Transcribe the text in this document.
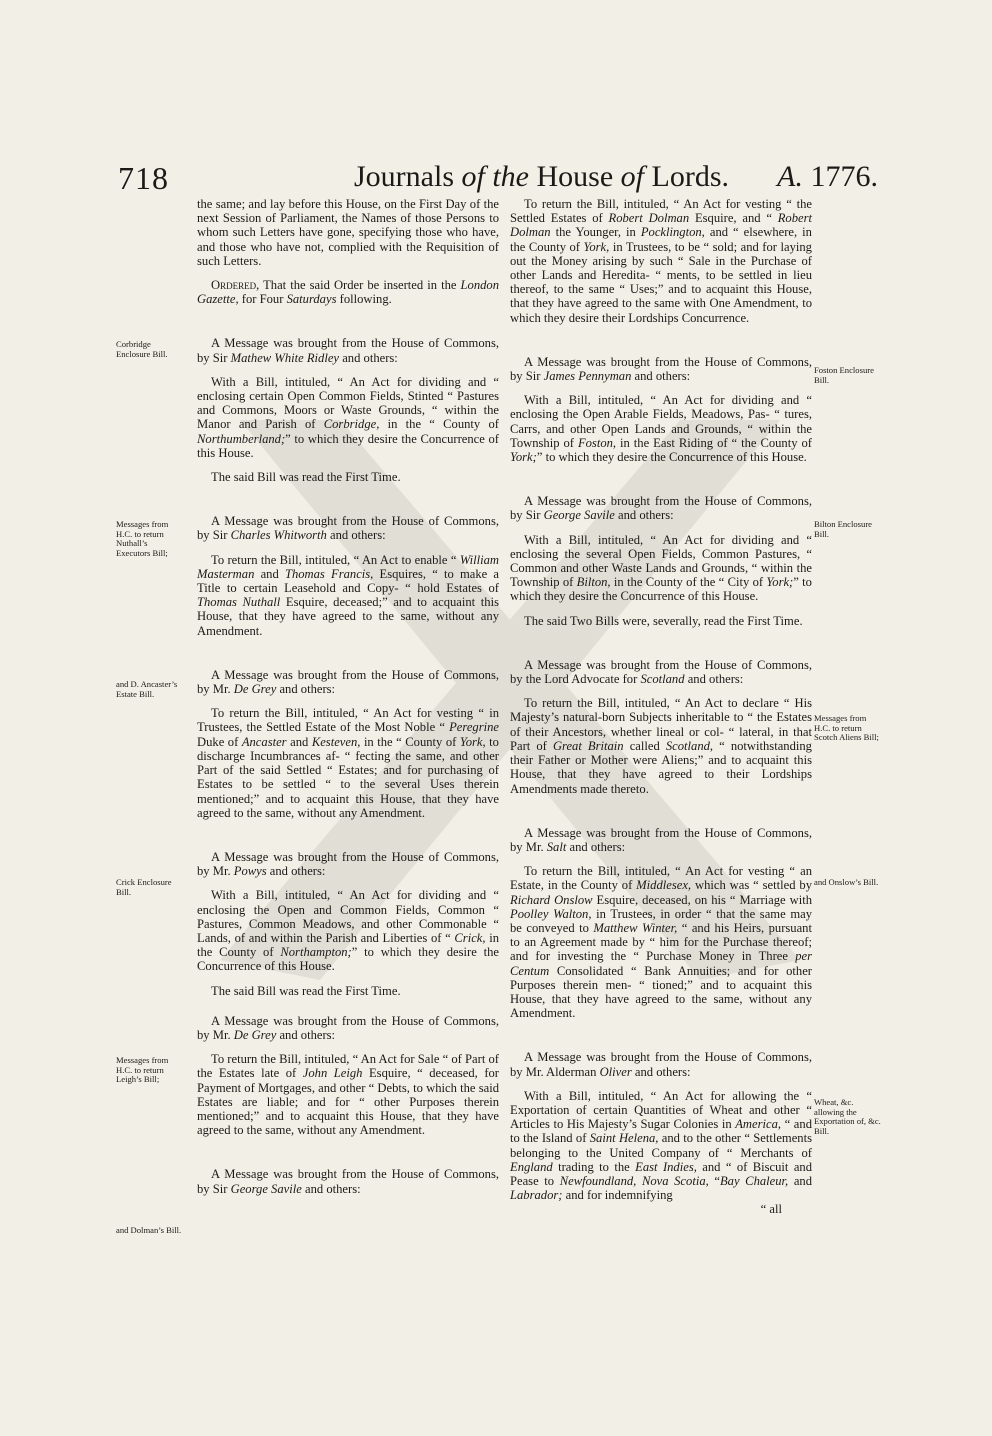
718	Journals of the House of Lords. A. 1776.

the same; and lay before this House, on the First Day of the next Session of Parliament, the Names of those Persons to whom such Letters have gone, specifying those who have, and those who have not, complied with the Requisition of such Letters.

Ordered, That the said Order be inserted in the London Gazette, for Four Saturdays following.

A Message was brought from the House of Commons, by Sir Mathew White Ridley and others:

With a Bill, intituled, “ An Act for dividing and “ enclosing certain Open Common Fields, Stinted “ Pastures and Commons, Moors or Waste Grounds, “ within the Manor and Parish of Corbridge, in the “ County of Northumberland;” to which they desire the Concurrence of this House.

The said Bill was read the First Time.

A Message was brought from the House of Commons, by Sir Charles Whitworth and others:

To return the Bill, intituled, “ An Act to enable “ William Masterman and Thomas Francis, Esquires, “ to make a Title to certain Leasehold and Copy- “ hold Estates of Thomas Nuthall Esquire, deceased;” and to acquaint this House, that they have agreed to the same, without any Amendment.

A Message was brought from the House of Commons, by Mr. De Grey and others:

To return the Bill, intituled, “ An Act for vesting “ in Trustees, the Settled Estate of the Most Noble “ Peregrine Duke of Ancaster and Kesteven, in the “ County of York, to discharge Incumbrances af- “ fecting the same, and other Part of the said Settled “ Estates; and for purchasing of Estates to be settled “ to the several Uses therein mentioned;” and to acquaint this House, that they have agreed to the same, without any Amendment.

A Message was brought from the House of Commons, by Mr. Powys and others:

With a Bill, intituled, “ An Act for dividing and “ enclosing the Open and Common Fields, Common “ Pastures, Common Meadows, and other Commonable “ Lands, of and within the Parish and Liberties of “ Crick, in the County of Northampton;” to which they desire the Concurrence of this House.

The said Bill was read the First Time.

A Message was brought from the House of Commons, by Mr. De Grey and others:

To return the Bill, intituled, “ An Act for Sale “ of Part of the Estates late of John Leigh Esquire, “ deceased, for Payment of Mortgages, and other “ Debts, to which the said Estates are liable; and for “ other Purposes therein mentioned;” and to acquaint this House, that they have agreed to the same, without any Amendment.

A Message was brought from the House of Commons, by Sir George Savile and others:

To return the Bill, intituled, “ An Act for vesting “ the Settled Estates of Robert Dolman Esquire, and “ Robert Dolman the Younger, in Pocklington, and “ elsewhere, in the County of York, in Trustees, to be “ sold; and for laying out the Money arising by such “ Sale in the Purchase of other Lands and Heredita- “ ments, to be settled in lieu thereof, to the same “ Uses;” and to acquaint this House, that they have agreed to the same with One Amendment, to which they desire their Lordships Concurrence.

A Message was brought from the House of Commons, by Sir James Pennyman and others:

With a Bill, intituled, “ An Act for dividing and “ enclosing the Open Arable Fields, Meadows, Pas- “ tures, Carrs, and other Open Lands and Grounds, “ within the Township of Foston, in the East Riding of “ the County of York;” to which they desire the Concurrence of this House.

A Message was brought from the House of Commons, by Sir George Savile and others:

With a Bill, intituled, “ An Act for dividing and “ enclosing the several Open Fields, Common Pastures, “ Common and other Waste Lands and Grounds, “ within the Township of Bilton, in the County of the “ City of York;” to which they desire the Concurrence of this House.

The said Two Bills were, severally, read the First Time.

A Message was brought from the House of Commons, by the Lord Advocate for Scotland and others:

To return the Bill, intituled, “ An Act to declare “ His Majesty’s natural-born Subjects inheritable to “ the Estates of their Ancestors, whether lineal or col- “ lateral, in that Part of Great Britain called Scotland, “ notwithstanding their Father or Mother were Aliens;” and to acquaint this House, that they have agreed to their Lordships Amendments made thereto.

A Message was brought from the House of Commons, by Mr. Salt and others:

To return the Bill, intituled, “ An Act for vesting “ an Estate, in the County of Middlesex, which was “ settled by Richard Onslow Esquire, deceased, on his “ Marriage with Poolley Walton, in Trustees, in order “ that the same may be conveyed to Matthew Winter, “ and his Heirs, pursuant to an Agreement made by “ him for the Purchase thereof; and for investing the “ Purchase Money in Three per Centum Consolidated “ Bank Annuities; and for other Purposes therein men- “ tioned;” and to acquaint this House, that they have agreed to the same, without any Amendment.

A Message was brought from the House of Commons, by Mr. Alderman Oliver and others:

With a Bill, intituled, “ An Act for allowing the “ Exportation of certain Quantities of Wheat and other “ Articles to His Majesty’s Sugar Colonies in America, “ and to the Island of Saint Helena, and to the other “ Settlements belonging to the United Company of “ Merchants of England trading to the East Indies, and “ of Biscuit and Pease to Newfoundland, Nova Scotia, “Bay Chaleur, and Labrador; and for indemnifying

“ all

Corbridge Enclosure Bill.
Messages from H.C. to return Nuthall’s Executors Bill;
and D. Ancaster’s Estate Bill.
Crick Enclosure Bill.
Messages from H.C. to return Leigh’s Bill;
and Dolman’s Bill.
Foston Enclosure Bill.
Bilton Enclosure Bill.
Messages from H.C. to return Scotch Aliens Bill;
and Onslow’s Bill.
Wheat, &c. allowing the Exportation of, &c. Bill.
